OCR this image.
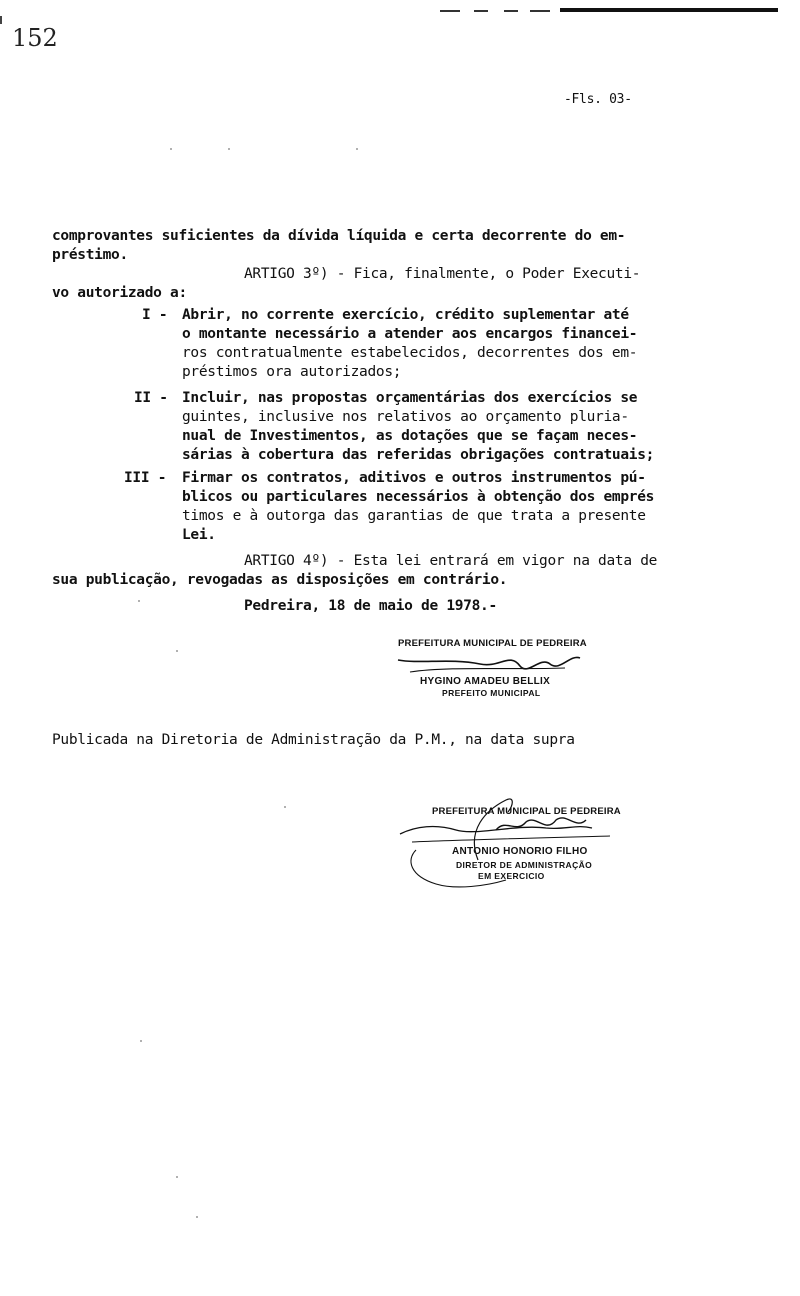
152
-Fls. 03-
comprovantes suficientes da dívida líquida e certa decorrente do em-
préstimo.
ARTIGO 3º) - Fica, finalmente, o Poder Executi-
vo autorizado a:
I - Abrir, no corrente exercício, crédito suplementar até
o montante necessário a atender aos encargos financei-
ros contratualmente estabelecidos, decorrentes dos em-
préstimos ora autorizados;
II - Incluir, nas propostas orçamentárias dos exercícios se
guintes, inclusive nos relativos ao orçamento pluria-
nual de Investimentos, as dotações que se façam neces-
sárias à cobertura das referidas obrigações contratuais;
III - Firmar os contratos, aditivos e outros instrumentos pú-
blicos ou particulares necessários à obtenção dos emprés
timos e à outorga das garantias de que trata a presente
Lei.
ARTIGO 4º) - Esta lei entrará em vigor na data de
sua publicação, revogadas as disposições em contrário.
Pedreira, 18 de maio de 1978.-
PREFEITURA MUNICIPAL DE PEDREIRA
HYGINO AMADEU BELLIX
PREFEITO MUNICIPAL
Publicada na Diretoria de Administração da P.M., na data supra
PREFEITURA MUNICIPAL DE PEDREIRA
ANTONIO HONORIO FILHO
DIRETOR DE ADMINISTRAÇÃO
EM EXERCICIO
